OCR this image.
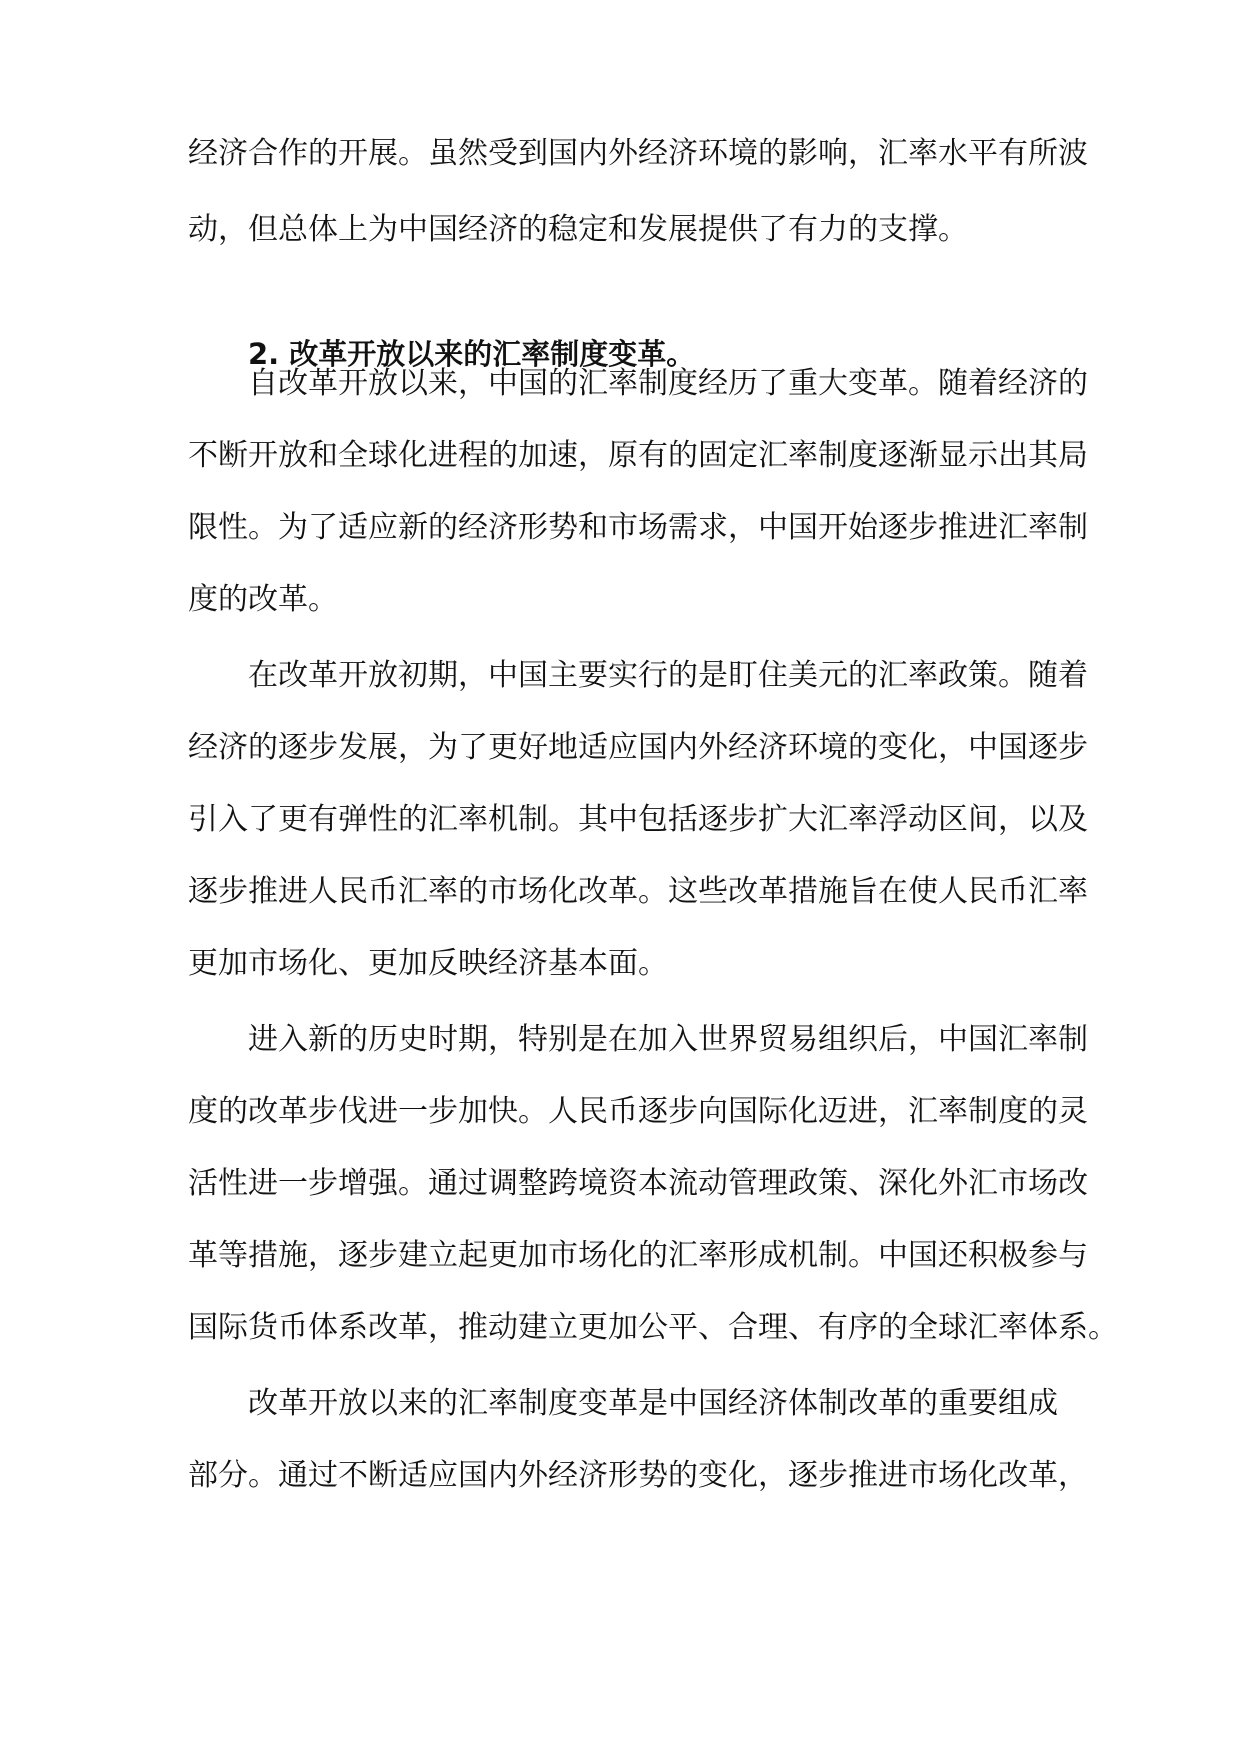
经济合作的开展。虽然受到国内外经济环境的影响，汇率水平有所波
动，但总体上为中国经济的稳定和发展提供了有力的支撑。
2. 改革开放以来的汇率制度变革。
自改革开放以来，中国的汇率制度经历了重大变革。随着经济的
不断开放和全球化进程的加速，原有的固定汇率制度逐渐显示出其局
限性。为了适应新的经济形势和市场需求，中国开始逐步推进汇率制
度的改革。
在改革开放初期，中国主要实行的是盯住美元的汇率政策。随着
经济的逐步发展，为了更好地适应国内外经济环境的变化，中国逐步
引入了更有弹性的汇率机制。其中包括逐步扩大汇率浮动区间，以及
逐步推进人民币汇率的市场化改革。这些改革措施旨在使人民币汇率
更加市场化、更加反映经济基本面。
进入新的历史时期，特别是在加入世界贸易组织后，中国汇率制
度的改革步伐进一步加快。人民币逐步向国际化迈进，汇率制度的灵
活性进一步增强。通过调整跨境资本流动管理政策、深化外汇市场改
革等措施，逐步建立起更加市场化的汇率形成机制。中国还积极参与
国际货币体系改革，推动建立更加公平、合理、有序的全球汇率体系。
改革开放以来的汇率制度变革是中国经济体制改革的重要组成
部分。通过不断适应国内外经济形势的变化，逐步推进市场化改革，
